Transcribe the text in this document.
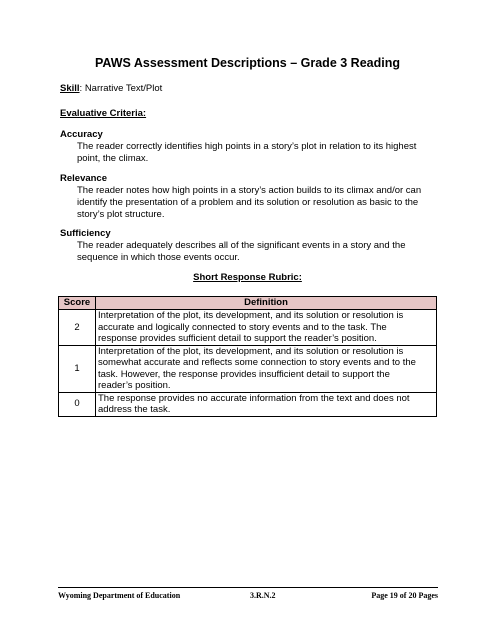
PAWS Assessment Descriptions – Grade 3 Reading
Skill: Narrative Text/Plot
Evaluative Criteria:
Accuracy
The reader correctly identifies high points in a story’s plot in relation to its highest
point, the climax.
Relevance
The reader notes how high points in a story’s action builds to its climax and/or can
identify the presentation of a problem and its solution or resolution as basic to the
story’s plot structure.
Sufficiency
The reader adequately describes all of the significant events in a story and the
sequence in which those events occur.
Short Response Rubric:
Score	Definition
2	Interpretation of the plot, its development, and its solution or resolution is
accurate and logically connected to story events and to the task. The
response provides sufficient detail to support the reader’s position.

1	Interpretation of the plot, its development, and its solution or resolution is
somewhat accurate and reflects some connection to story events and to the
task. However, the response provides insufficient detail to support the
reader’s position.

0	The response provides no accurate information from the text and does not
address the task.
Wyoming Department of Education	3.R.N.2	Page 19 of 20 Pages
